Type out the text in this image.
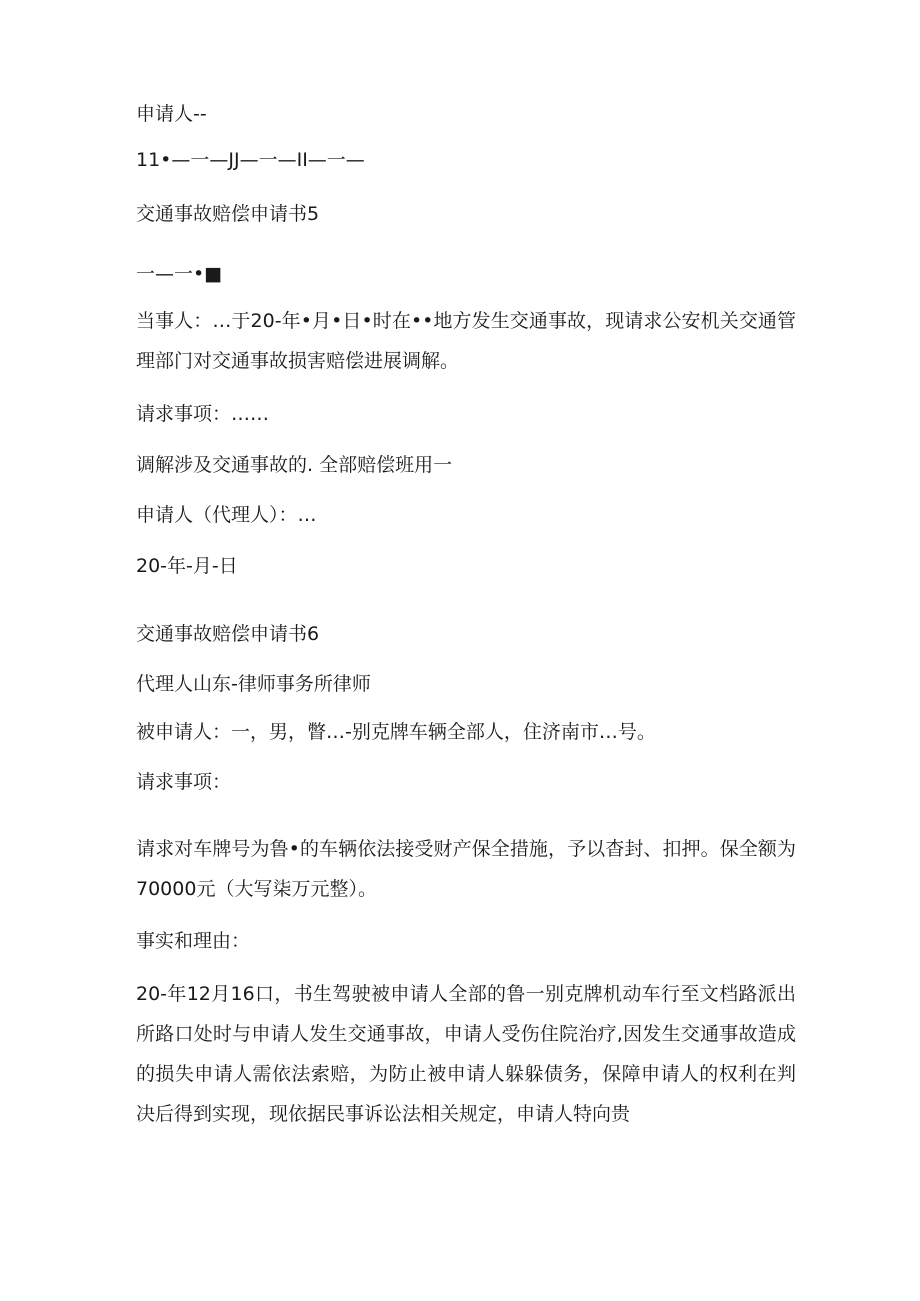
申请人--
11•—一—JJ—一—II—一—
交通事故赔偿申请书5
一—一•■
当事人：…于20-年•月•日•时在••地方发生交通事故，现请求公安机关交通管理部门对交通事故损害赔偿进展调解。
请求事项：……
调解涉及交通事故的. 全部赔偿班用一
申请人（代理人）：…
20-年-月-日
交通事故赔偿申请书6
代理人山东-律师事务所律师
被申请人：一，男，瞥…-别克牌车辆全部人，住济南市…号。
请求事项：
请求对车牌号为鲁•的车辆依法接受财产保全措施，予以杳封、扣押。保全额为70000元（大写柒万元整）。
事实和理由：
20-年12月16口，书生驾驶被申请人全部的鲁一别克牌机动车行至文档路派出所路口处时与申请人发生交通事故，申请人受伤住院治疗,因发生交通事故造成的损失申请人需依法索赔，为防止被申请人躲躲债务，保障申请人的权利在判决后得到实现，现依据民事诉讼法相关规定，申请人特向贵
